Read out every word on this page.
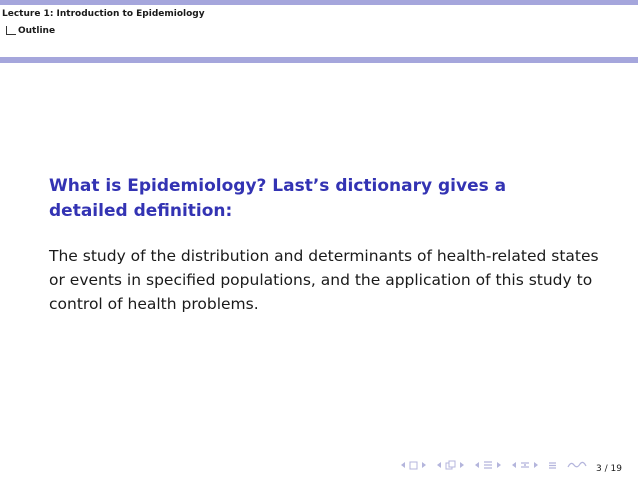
Lecture 1: Introduction to Epidemiology
Outline
What is Epidemiology? Last’s dictionary gives a detailed definition:
The study of the distribution and determinants of health-related states or events in specified populations, and the application of this study to control of health problems.
3 / 19
